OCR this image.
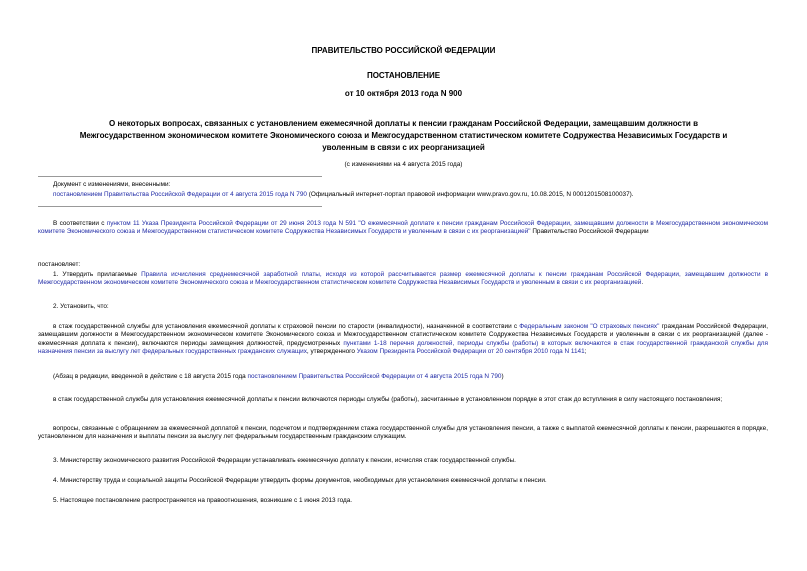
ПРАВИТЕЛЬСТВО РОССИЙСКОЙ ФЕДЕРАЦИИ
ПОСТАНОВЛЕНИЕ
от 10 октября 2013 года N 900
О некоторых вопросах, связанных с установлением ежемесячной доплаты к пенсии гражданам Российской Федерации, замещавшим должности в
Межгосударственном экономическом комитете Экономического союза и Межгосударственном статистическом комитете Содружества Независимых Государств и
уволенным в связи с их реорганизацией
(с изменениями на 4 августа 2015 года)

Документ с изменениями, внесенными:

постановлением Правительства Российской Федерации от 4 августа 2015 года N 790 (Официальный интернет-портал правовой информации www.pravo.gov.ru, 10.08.2015, N 0001201508100037).

В соответствии с пунктом 11 Указа Президента Российской Федерации от 29 июня 2013 года N 591 "О ежемесячной доплате к пенсии гражданам Российской Федерации, замещавшим должности в Межгосударственном экономическом комитете Экономического союза и Межгосударственном статистическом комитете Содружества Независимых Государств и уволенным в связи с их реорганизацией" Правительство Российской Федерации

постановляет:

1. Утвердить прилагаемые Правила исчисления среднемесячной заработной платы, исходя из которой рассчитывается размер ежемесячной доплаты к пенсии гражданам Российской Федерации, замещавшим должности в Межгосударственном экономическом комитете Экономического союза и Межгосударственном статистическом комитете Содружества Независимых Государств и уволенным в связи с их реорганизацией.

2. Установить, что:

в стаж государственной службы для установления ежемесячной доплаты к страховой пенсии по старости (инвалидности), назначенной в соответствии с Федеральным законом "О страховых пенсиях" гражданам Российской Федерации, замещавшим должности в Межгосударственном экономическом комитете Экономического союза и Межгосударственном статистическом комитете Содружества Независимых Государств и уволенным в связи с их реорганизацией (далее - ежемесячная доплата к пенсии), включаются периоды замещения должностей, предусмотренных пунктами 1-18 перечня должностей, периоды службы (работы) в которых включаются в стаж государственной гражданской службы для назначения пенсии за выслугу лет федеральных государственных гражданских служащих, утвержденного Указом Президента Российской Федерации от 20 сентября 2010 года N 1141;

(Абзац в редакции, введенной в действие с 18 августа 2015 года постановлением Правительства Российской Федерации от 4 августа 2015 года N 790)

в стаж государственной службы для установления ежемесячной доплаты к пенсии включаются периоды службы (работы), засчитанные в установленном порядке в этот стаж до вступления в силу настоящего постановления;

вопросы, связанные с обращением за ежемесячной доплатой к пенсии, подсчетом и подтверждением стажа государственной службы для установления пенсии, а также с выплатой ежемесячной доплаты к пенсии, разрешаются в порядке, установленном для назначения и выплаты пенсии за выслугу лет федеральным государственным гражданским служащим.

3. Министерству экономического развития Российской Федерации устанавливать ежемесячную доплату к пенсии, исчисляя стаж государственной службы.

4. Министерству труда и социальной защиты Российской Федерации утвердить формы документов, необходимых для установления ежемесячной доплаты к пенсии.

5. Настоящее постановление распространяется на правоотношения, возникшие с 1 июня 2013 года.
